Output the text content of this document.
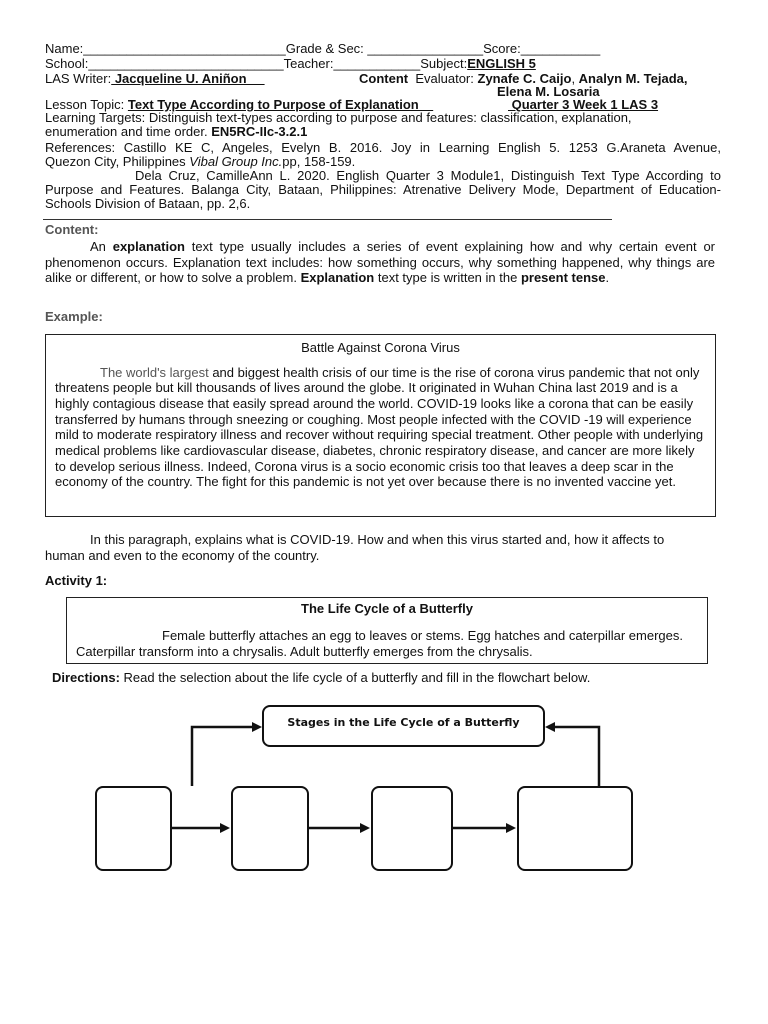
Name:____________________________Grade & Sec: ________________Score:___________
School:___________________________Teacher:____________Subject:ENGLISH 5
LAS Writer: Jacqueline U. Aniñon	Content Evaluator: Zynafe C. Caijo, Analyn M. Tejada,
Elena M. Losaria
Lesson Topic: Text Type According to Purpose of Explanation	Quarter 3 Week 1 LAS 3
Learning Targets: Distinguish text-types according to purpose and features: classification, explanation,
enumeration and time order. EN5RC-IIc-3.2.1
References: Castillo KE C, Angeles, Evelyn B. 2016. Joy in Learning English 5. 1253 G.Araneta Avenue,
Quezon City, Philippines Vibal Group Inc.pp, 158-159.
Dela Cruz, CamilleAnn L. 2020. English Quarter 3 Module1, Distinguish Text Type According to
Purpose and Features. Balanga City, Bataan, Philippines: Atrenative Delivery Mode, Department of Education-
Schools Division of Bataan, pp. 2,6.
Content:
An explanation text type usually includes a series of event explaining how and why certain event or phenomenon occurs. Explanation text includes: how something occurs, why something happened, why things are alike or different, or how to solve a problem. Explanation text type is written in the present tense.
Example:
Battle Against Corona Virus
The world's largest and biggest health crisis of our time is the rise of corona virus pandemic that not only threatens people but kill thousands of lives around the globe. It originated in Wuhan China last 2019 and is a highly contagious disease that easily spread around the world. COVID-19 looks like a corona that can be easily transferred by humans through sneezing or coughing. Most people infected with the COVID -19 will experience mild to moderate respiratory illness and recover without requiring special treatment. Other people with underlying medical problems like cardiovascular disease, diabetes, chronic respiratory disease, and cancer are more likely to develop serious illness. Indeed, Corona virus is a socio economic crisis too that leaves a deep scar in the economy of the country. The fight for this pandemic is not yet over because there is no invented vaccine yet.
In this paragraph, explains what is COVID-19. How and when this virus started and, how it affects to human and even to the economy of the country.
Activity 1:
The Life Cycle of a Butterfly
Female butterfly attaches an egg to leaves or stems. Egg hatches and caterpillar emerges. Caterpillar transform into a chrysalis. Adult butterfly emerges from the chrysalis.
Directions: Read the selection about the life cycle of a butterfly and fill in the flowchart below.
Stages in the Life Cycle of a Butterfly
